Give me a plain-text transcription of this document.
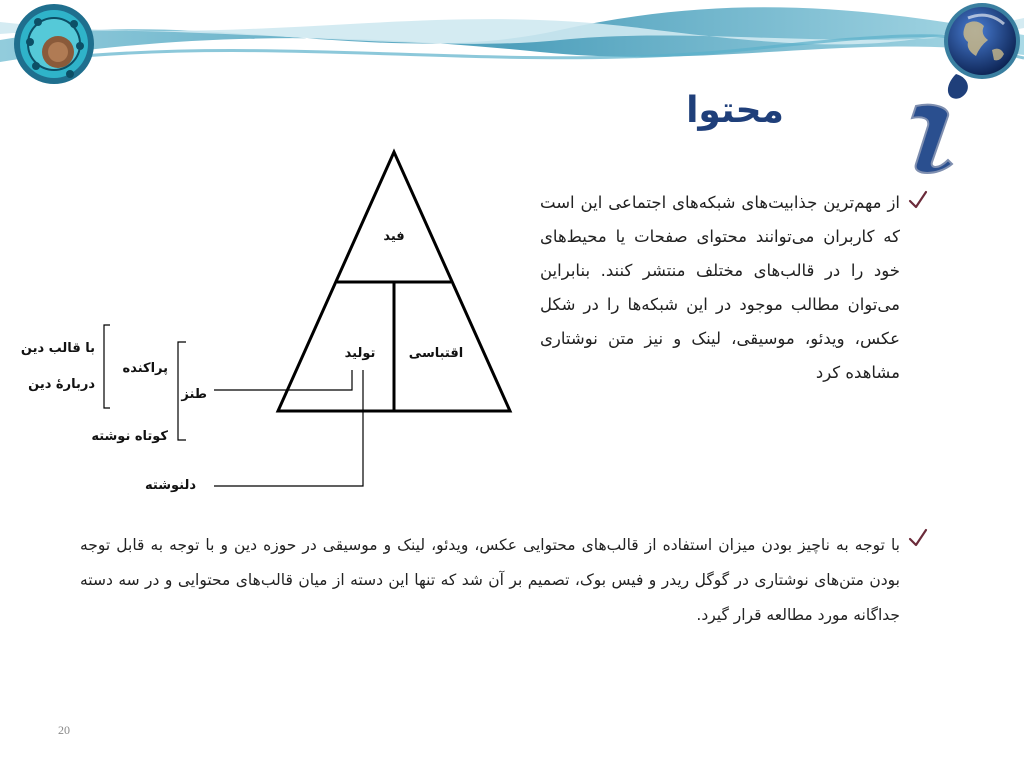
محتوا
از مهم‌ترین جذابیت‌های شبکه‌های اجتماعی این است که کاربران می‌توانند محتوای صفحات یا محیط‌های خود را در قالب‌های مختلف منتشر کنند. بنابراین می‌توان مطالب موجود در این شبکه‌ها را در شکل عکس، ویدئو، موسیقی، لینک و نیز متن نوشتاری مشاهده کرد
فید
اقتباسی
تولید
طنز
پراکنده
کوتاه نوشته
با قالب دین
دربارهٔ دین
دلنوشته
با توجه به ناچیز بودن میزان استفاده از قالب‌های محتوایی عکس، ویدئو، لینک و موسیقی در حوزه دین و با توجه به قابل توجه بودن متن‌های نوشتاری در گوگل ریدر و فیس بوک، تصمیم بر آن شد که تنها این دسته از میان قالب‌های محتوایی و در سه دسته جداگانه مورد مطالعه قرار گیرد.
20
